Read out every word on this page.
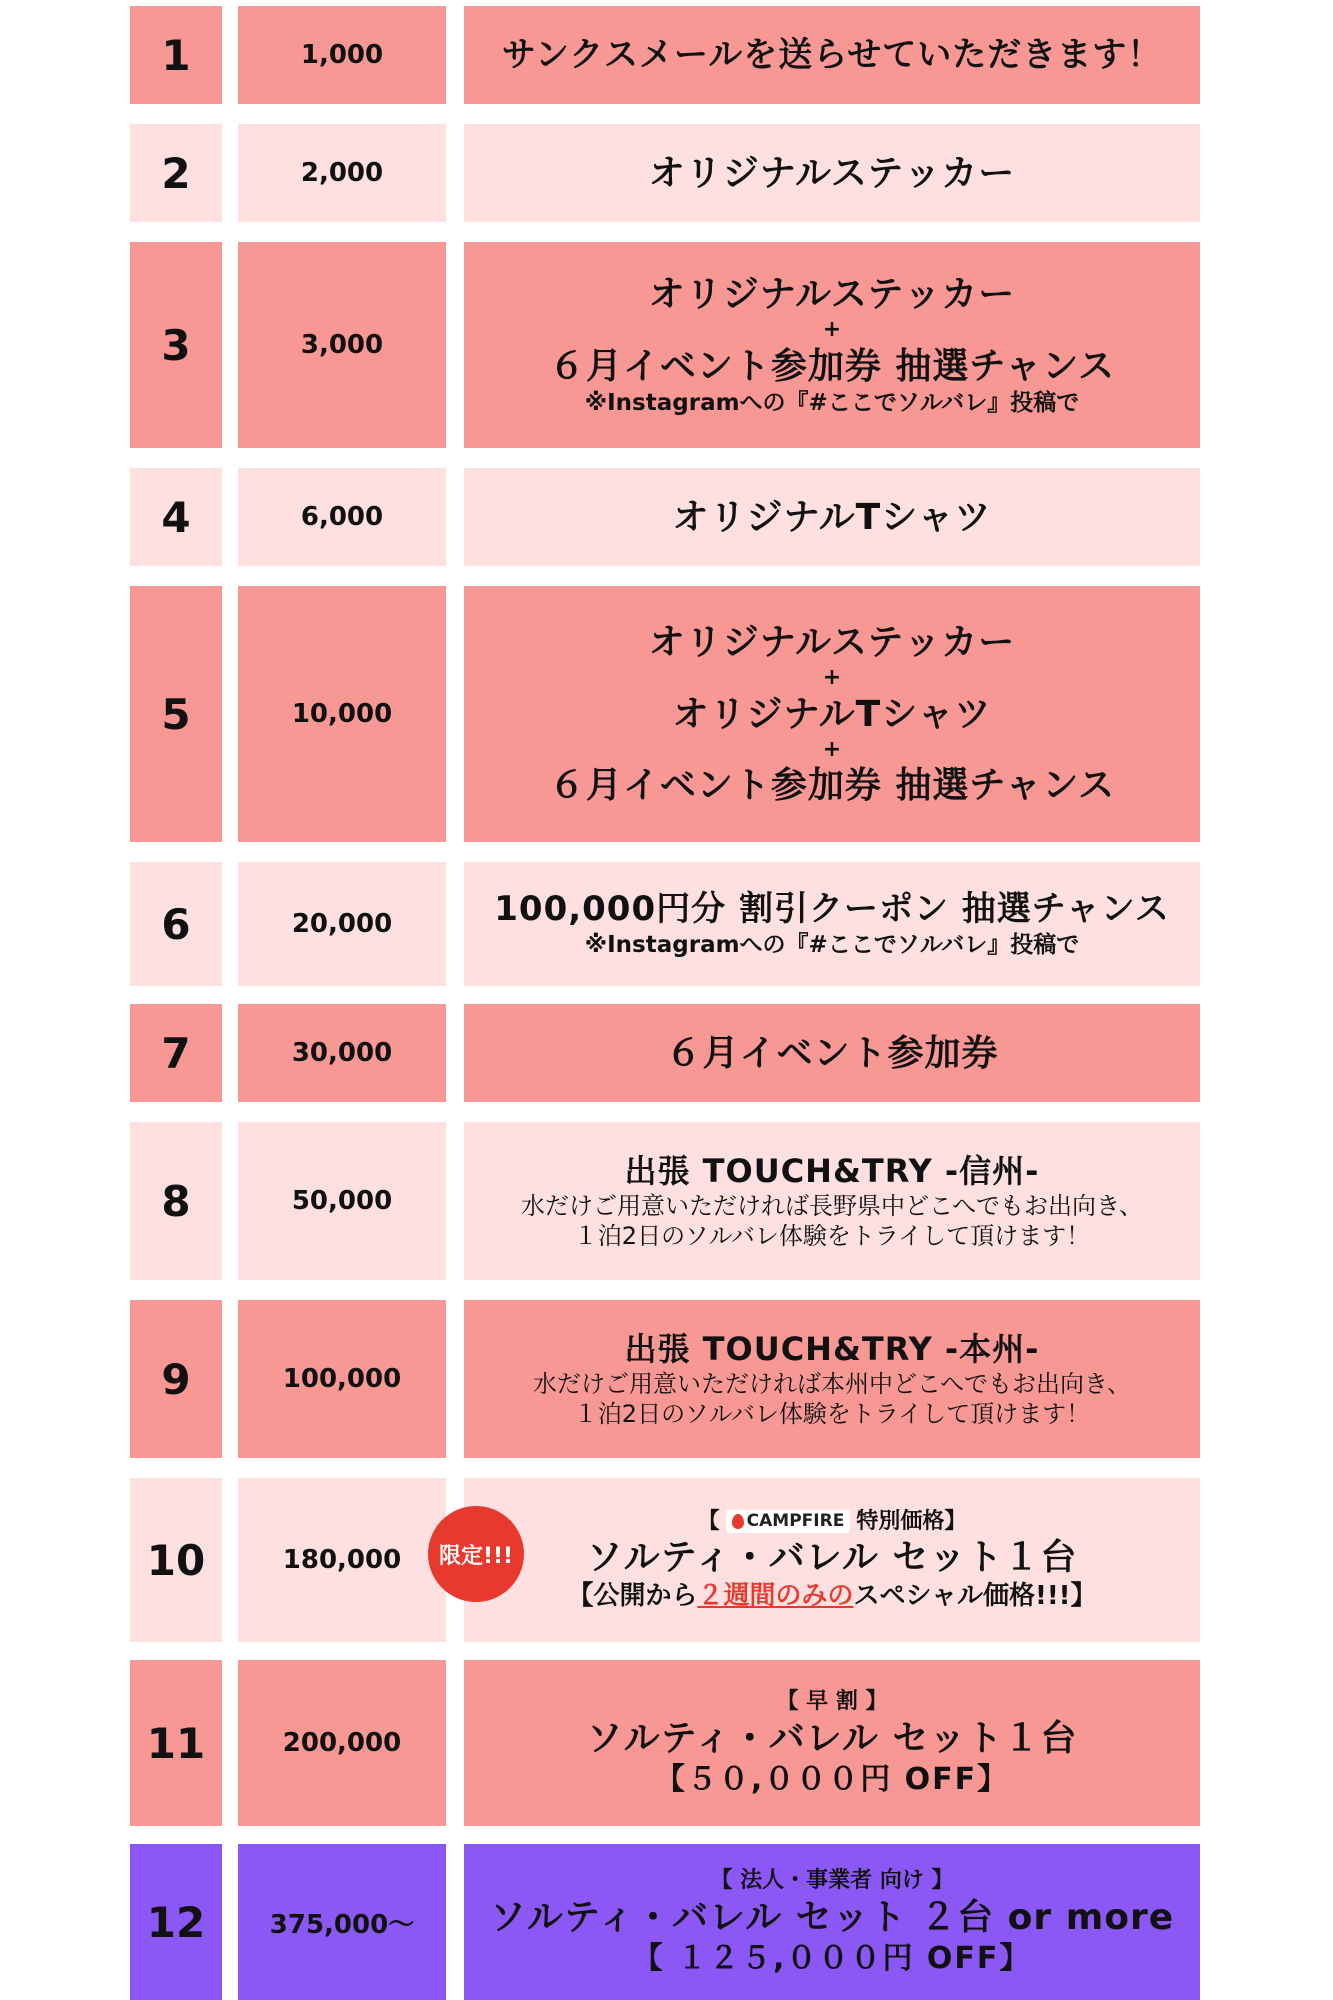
1	1,000	サンクスメールを送らせていただきます！
2	2,000	オリジナルステッカー
3	3,000
オリジナルステッカー
+
６月イベント参加券 抽選チャンス
※Instagramへの『#ここでソルバレ』投稿で
4	6,000	オリジナルTシャツ
5	10,000
オリジナルステッカー
+
オリジナルTシャツ
+
６月イベント参加券 抽選チャンス
6	20,000	100,000円分 割引クーポン 抽選チャンス
※Instagramへの『#ここでソルバレ』投稿で
7	30,000	６月イベント参加券
8	50,000
出張 TOUCH&TRY -信州-
水だけご用意いただければ長野県中どこへでもお出向き、
１泊2日のソルバレ体験をトライして頂けます！
9	100,000
出張 TOUCH&TRY -本州-
水だけご用意いただければ本州中どこへでもお出向き、
１泊2日のソルバレ体験をトライして頂けます！
10	180,000	限定!!!
【 CAMPFIRE 特別価格】
ソルティ・バレル セット１台
【公開から２週間のみのスペシャル価格!!!】
11	200,000
【 早 割 】
ソルティ・バレル セット１台
【５０,０００円 OFF】
12	375,000〜
【 法人・事業者 向け 】
ソルティ・バレル セット ２台 or more
【 １２５,０００円 OFF】
